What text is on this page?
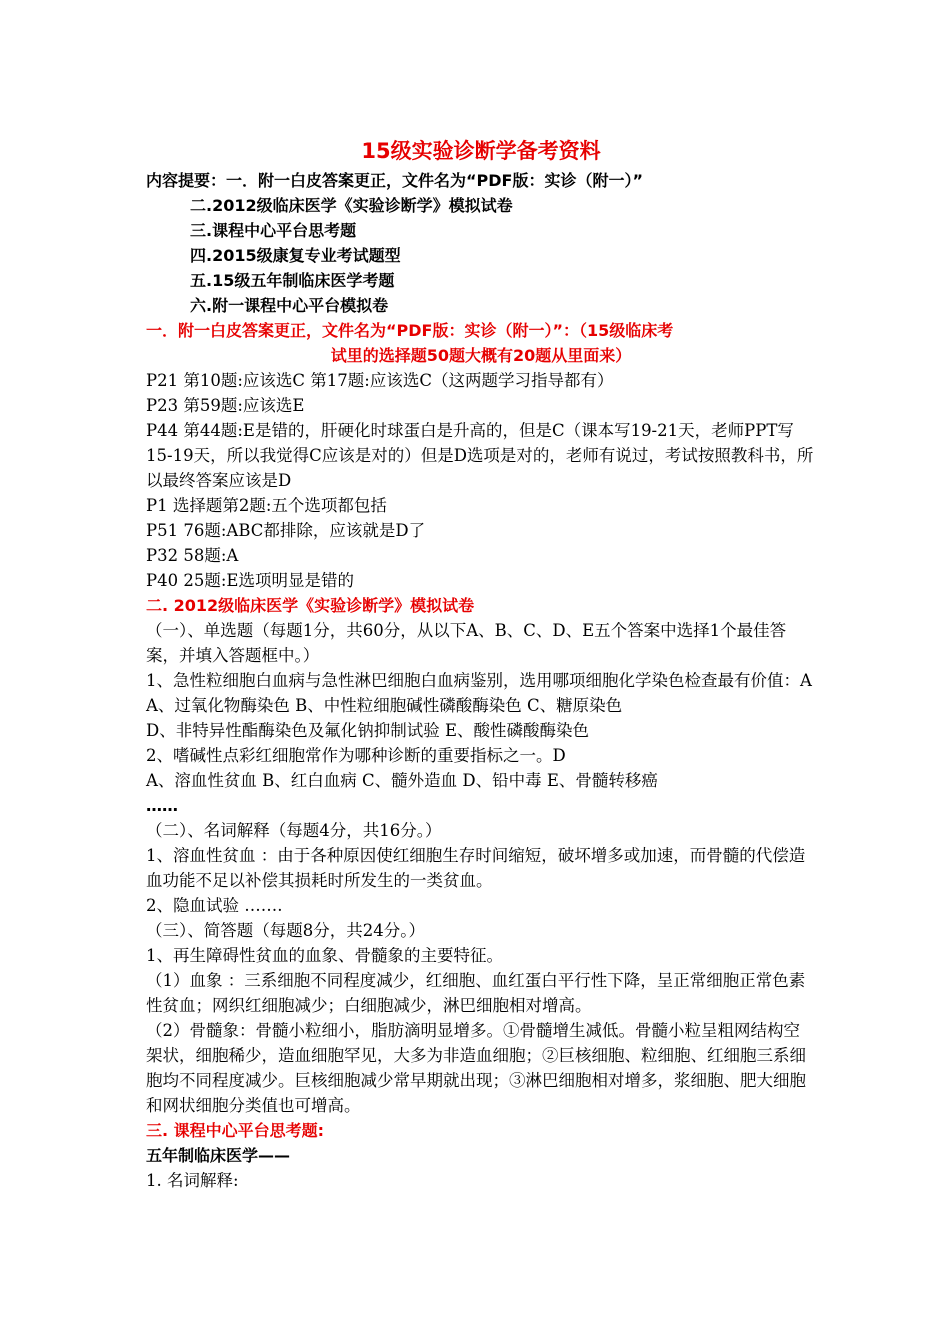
15级实验诊断学备考资料
内容提要：一．附一白皮答案更正，文件名为“PDF版：实诊（附一）”
二.2012级临床医学《实验诊断学》模拟试卷
三.课程中心平台思考题
四.2015级康复专业考试题型
五.15级五年制临床医学考题
六.附一课程中心平台模拟卷
一．附一白皮答案更正，文件名为“PDF版：实诊（附一）”：（15级临床考
试里的选择题50题大概有20题从里面来）
P21 第10题:应该选C 第17题:应该选C（这两题学习指导都有）
P23 第59题:应该选E
P44 第44题:E是错的，肝硬化时球蛋白是升高的，但是C（课本写19-21天，老师PPT写15-19天，所以我觉得C应该是对的）但是D选项是对的，老师有说过，考试按照教科书，所以最终答案应该是D
P1 选择题第2题:五个选项都包括
P51 76题:ABC都排除，应该就是D了
P32 58题:A
P40 25题:E选项明显是错的
二. 2012级临床医学《实验诊断学》模拟试卷
（一）、单选题（每题1分，共60分，从以下A、B、C、D、E五个答案中选择1个最佳答案，并填入答题框中。）
1、急性粒细胞白血病与急性淋巴细胞白血病鉴别，选用哪项细胞化学染色检查最有价值：A
A、过氧化物酶染色 B、中性粒细胞碱性磷酸酶染色 C、糖原染色
D、非特异性酯酶染色及氟化钠抑制试验 E、酸性磷酸酶染色
2、嗜碱性点彩红细胞常作为哪种诊断的重要指标之一。D
A、溶血性贫血 B、红白血病 C、髓外造血 D、铅中毒 E、骨髓转移癌
……
（二）、名词解释（每题4分，共16分。）
1、溶血性贫血 ：由于各种原因使红细胞生存时间缩短，破坏增多或加速，而骨髓的代偿造血功能不足以补偿其损耗时所发生的一类贫血。
2、隐血试验 …….
（三）、简答题（每题8分，共24分。）
1、再生障碍性贫血的血象、骨髓象的主要特征。
（1）血象 ：三系细胞不同程度减少，红细胞、血红蛋白平行性下降，呈正常细胞正常色素性贫血；网织红细胞减少；白细胞减少，淋巴细胞相对增高。
（2）骨髓象：骨髓小粒细小，脂肪滴明显增多。①骨髓增生减低。骨髓小粒呈粗网结构空架状，细胞稀少，造血细胞罕见，大多为非造血细胞；②巨核细胞、粒细胞、红细胞三系细胞均不同程度减少。巨核细胞减少常早期就出现；③淋巴细胞相对增多，浆细胞、肥大细胞和网状细胞分类值也可增高。
三. 课程中心平台思考题:
五年制临床医学——
1. 名词解释:
